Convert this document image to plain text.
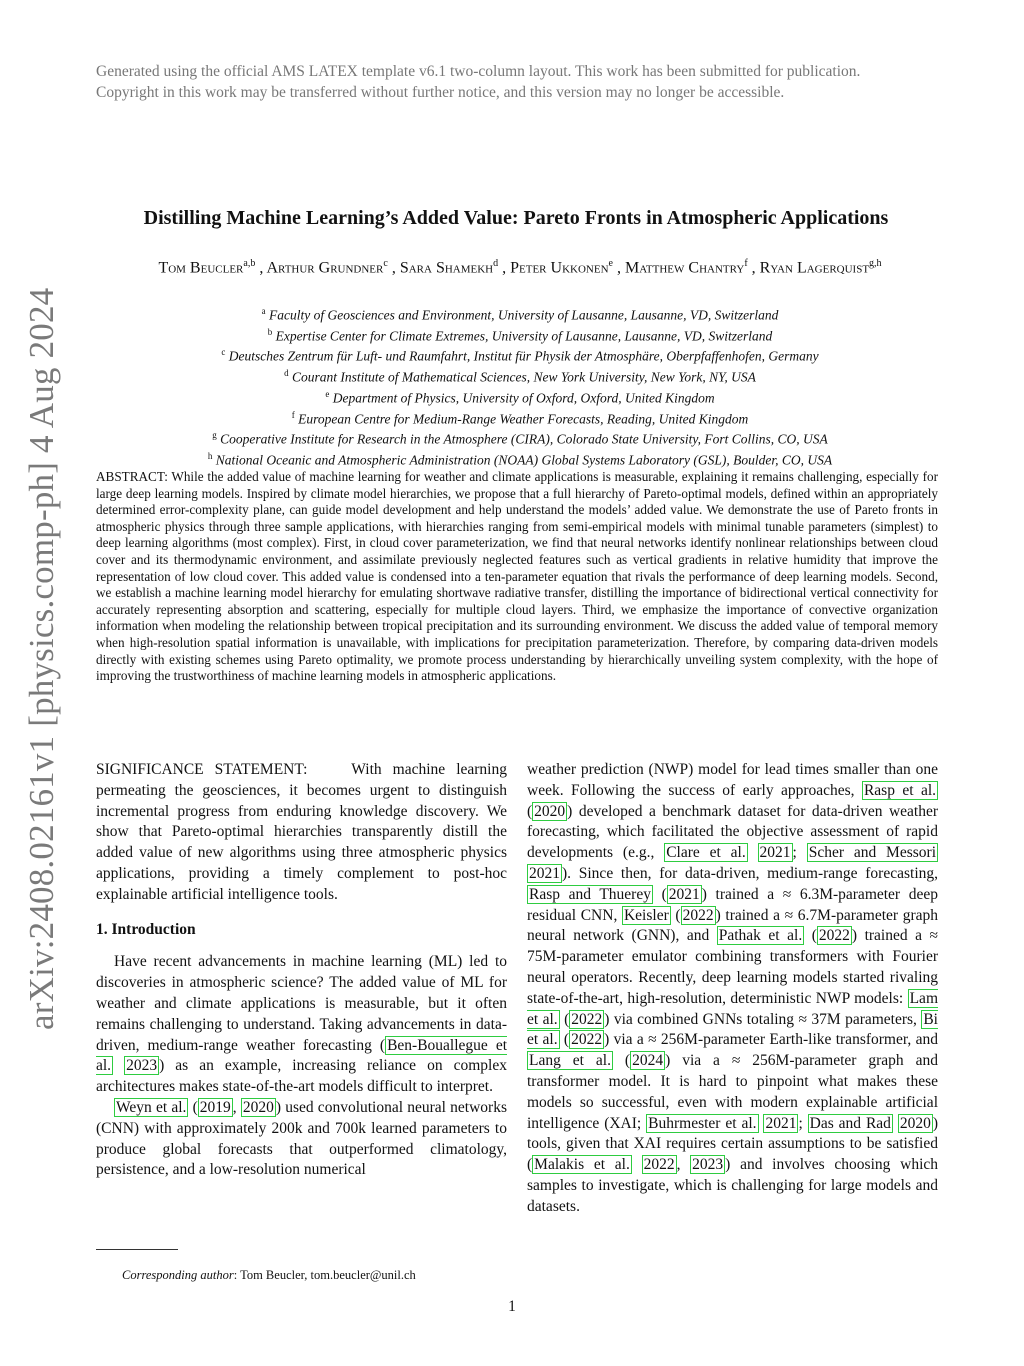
Generated using the official AMS LATEX template v6.1 two-column layout. This work has been submitted for publication. Copyright in this work may be transferred without further notice, and this version may no longer be accessible.
arXiv:2408.02161v1 [physics.comp-ph] 4 Aug 2024
Distilling Machine Learning’s Added Value: Pareto Fronts in Atmospheric Applications
Tom Beucler$^{a,b}$ , Arthur Grundner$^c$ , Sara Shamekh$^d$ , Peter Ukkonen$^e$ , Matthew Chantry$^f$ , Ryan Lagerquist$^{g,h}$
$^a$ Faculty of Geosciences and Environment, University of Lausanne, Lausanne, VD, Switzerland
$^b$ Expertise Center for Climate Extremes, University of Lausanne, Lausanne, VD, Switzerland
$^c$ Deutsches Zentrum für Luft- und Raumfahrt, Institut für Physik der Atmosphäre, Oberpfaffenhofen, Germany
$^d$ Courant Institute of Mathematical Sciences, New York University, New York, NY, USA
$^e$ Department of Physics, University of Oxford, Oxford, United Kingdom
$^f$ European Centre for Medium-Range Weather Forecasts, Reading, United Kingdom
$^g$ Cooperative Institute for Research in the Atmosphere (CIRA), Colorado State University, Fort Collins, CO, USA
$^h$ National Oceanic and Atmospheric Administration (NOAA) Global Systems Laboratory (GSL), Boulder, CO, USA
ABSTRACT: While the added value of machine learning for weather and climate applications is measurable, explaining it remains challenging, especially for large deep learning models. Inspired by climate model hierarchies, we propose that a full hierarchy of Pareto-optimal models, defined within an appropriately determined error-complexity plane, can guide model development and help understand the models’ added value. We demonstrate the use of Pareto fronts in atmospheric physics through three sample applications, with hierarchies ranging from semi-empirical models with minimal tunable parameters (simplest) to deep learning algorithms (most complex). First, in cloud cover parameterization, we find that neural networks identify nonlinear relationships between cloud cover and its thermodynamic environment, and assimilate previously neglected features such as vertical gradients in relative humidity that improve the representation of low cloud cover. This added value is condensed into a ten-parameter equation that rivals the performance of deep learning models. Second, we establish a machine learning model hierarchy for emulating shortwave radiative transfer, distilling the importance of bidirectional vertical connectivity for accurately representing absorption and scattering, especially for multiple cloud layers. Third, we emphasize the importance of convective organization information when modeling the relationship between tropical precipitation and its surrounding environment. We discuss the added value of temporal memory when high-resolution spatial information is unavailable, with implications for precipitation parameterization. Therefore, by comparing data-driven models directly with existing schemes using Pareto optimality, we promote process understanding by hierarchically unveiling system complexity, with the hope of improving the trustworthiness of machine learning models in atmospheric applications.

SIGNIFICANCE STATEMENT:	With machine learning permeating the geosciences, it becomes urgent to distinguish incremental progress from enduring knowledge discovery. We show that Pareto-optimal hierarchies transparently distill the added value of new algorithms using three atmospheric physics applications, providing a timely complement to post-hoc explainable artificial intelligence tools.

1. Introduction

Have recent advancements in machine learning (ML) led to discoveries in atmospheric science? The added value of ML for weather and climate applications is measurable, but it often remains challenging to understand. Taking advancements in data-driven, medium-range weather forecasting ( Ben-Bouallegue et al. 2023 ) as an example, increasing reliance on complex architectures makes state-of-the-art models difficult to interpret.

Weyn et al. ( 2019 , 2020 ) used convolutional neural networks (CNN) with approximately 200k and 700k learned parameters to produce global forecasts that outperformed climatology, persistence, and a low-resolution numerical

weather prediction (NWP) model for lead times smaller than one week. Following the success of early approaches, Rasp et al. ( 2020 ) developed a benchmark dataset for data-driven weather forecasting, which facilitated the objective assessment of rapid developments (e.g., Clare et al. 2021 ; Scher and Messori 2021 ). Since then, for data-driven, medium-range forecasting, Rasp and Thuerey ( 2021 ) trained a ≈ 6.3M-parameter deep residual CNN, Keisler ( 2022 ) trained a ≈ 6.7M-parameter graph neural network (GNN), and Pathak et al. ( 2022 ) trained a ≈ 75M-parameter emulator combining transformers with Fourier neural operators. Recently, deep learning models started rivaling state-of-the-art, high-resolution, deterministic NWP models: Lam et al. ( 2022 ) via combined GNNs totaling ≈ 37M parameters, Bi et al. ( 2022 ) via a ≈ 256M-parameter Earth-like transformer, and Lang et al. ( 2024 ) via a ≈ 256M-parameter graph and transformer model. It is hard to pinpoint what makes these models so successful, even with modern explainable artificial intelligence (XAI; Buhrmester et al. 2021 ; Das and Rad 2020 ) tools, given that XAI requires certain assumptions to be satisfied ( Malakis et al. 2022 , 2023 ) and involves choosing which samples to investigate, which is challenging for large models and datasets.

Corresponding author: Tom Beucler, tom.beucler@unil.ch
1
